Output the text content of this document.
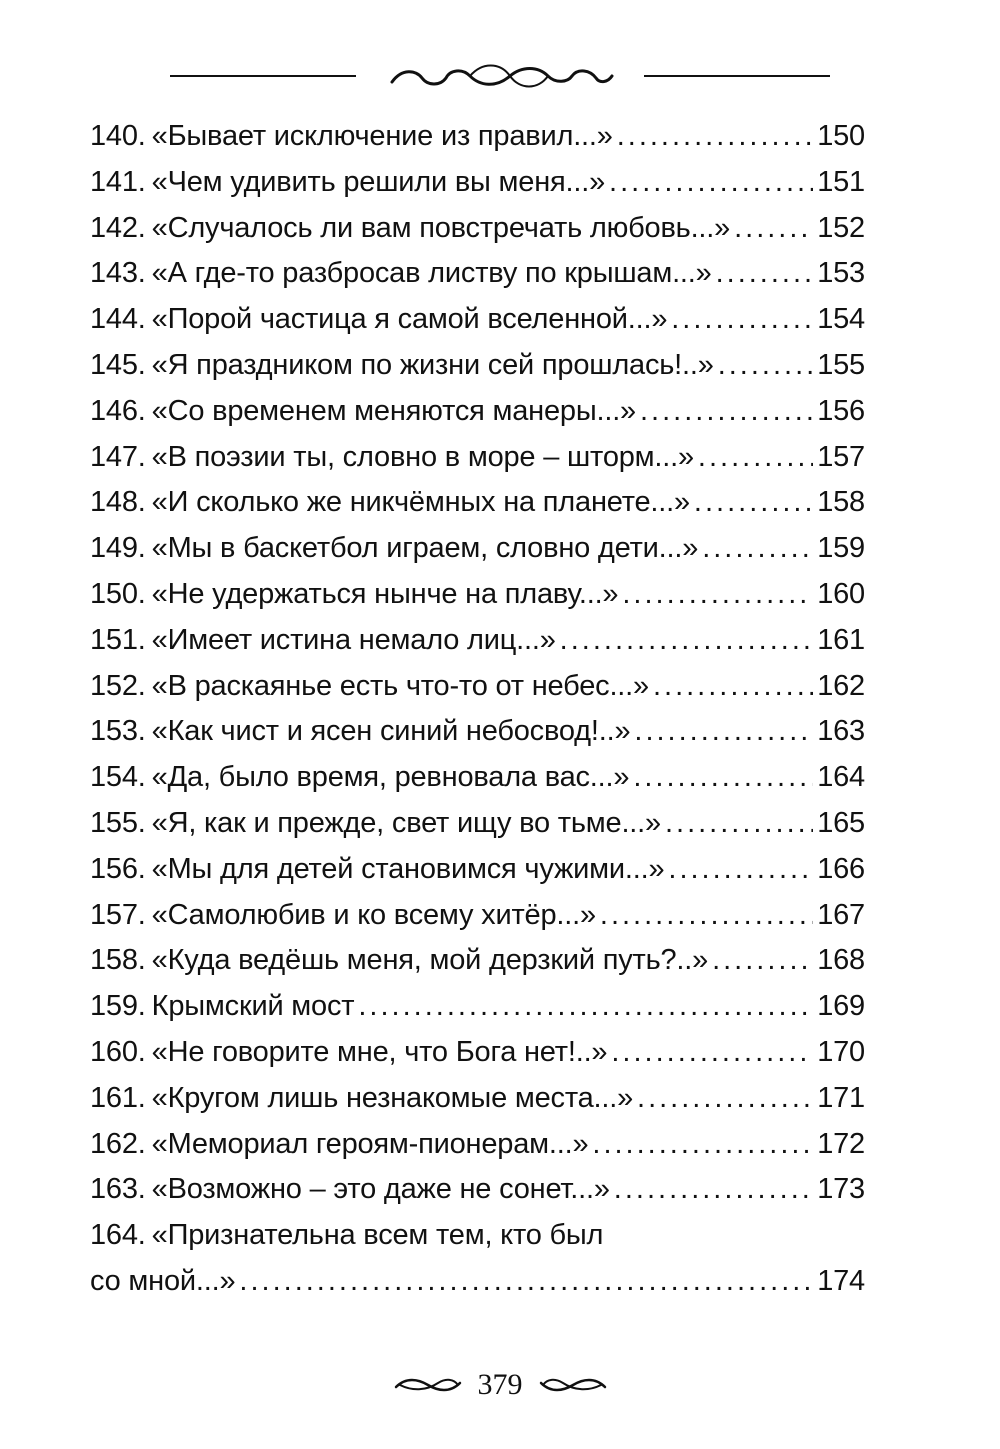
140. «Бывает исключение из правил...» .....	150
141. «Чем удивить решили вы меня...» .....	151
142. «Случалось ли вам повстречать любовь...» .....	152
143. «А где-то разбросав листву по крышам...» .....	153
144. «Порой частица я самой вселенной...» .....	154
145. «Я праздником по жизни сей прошлась!..» .....	155
146. «Со временем меняются манеры...» .....	156
147. «В поэзии ты, словно в море – шторм...» .....	157
148. «И сколько же никчёмных на планете...» .....	158
149. «Мы в баскетбол играем, словно дети...» .....	159
150. «Не удержаться нынче на плаву...» .....	160
151. «Имеет истина немало лиц...» .....	161
152. «В раскаянье есть что-то от небес...» .....	162
153. «Как чист и ясен синий небосвод!..» .....	163
154. «Да, было время, ревновала вас...» .....	164
155. «Я, как и прежде, свет ищу во тьме...» .....	165
156. «Мы для детей становимся чужими...» .....	166
157. «Самолюбив и ко всему хитёр...» .....	167
158. «Куда ведёшь меня, мой дерзкий путь?..» .....	168
159. Крымский мост .....	169
160. «Не говорите мне, что Бога нет!..» .....	170
161. «Кругом лишь незнакомые места...» .....	171
162. «Мемориал героям-пионерам...» .....	172
163. «Возможно – это даже не сонет...» .....	173
164. «Признательна всем тем, кто был
со мной...» .....	174
379
